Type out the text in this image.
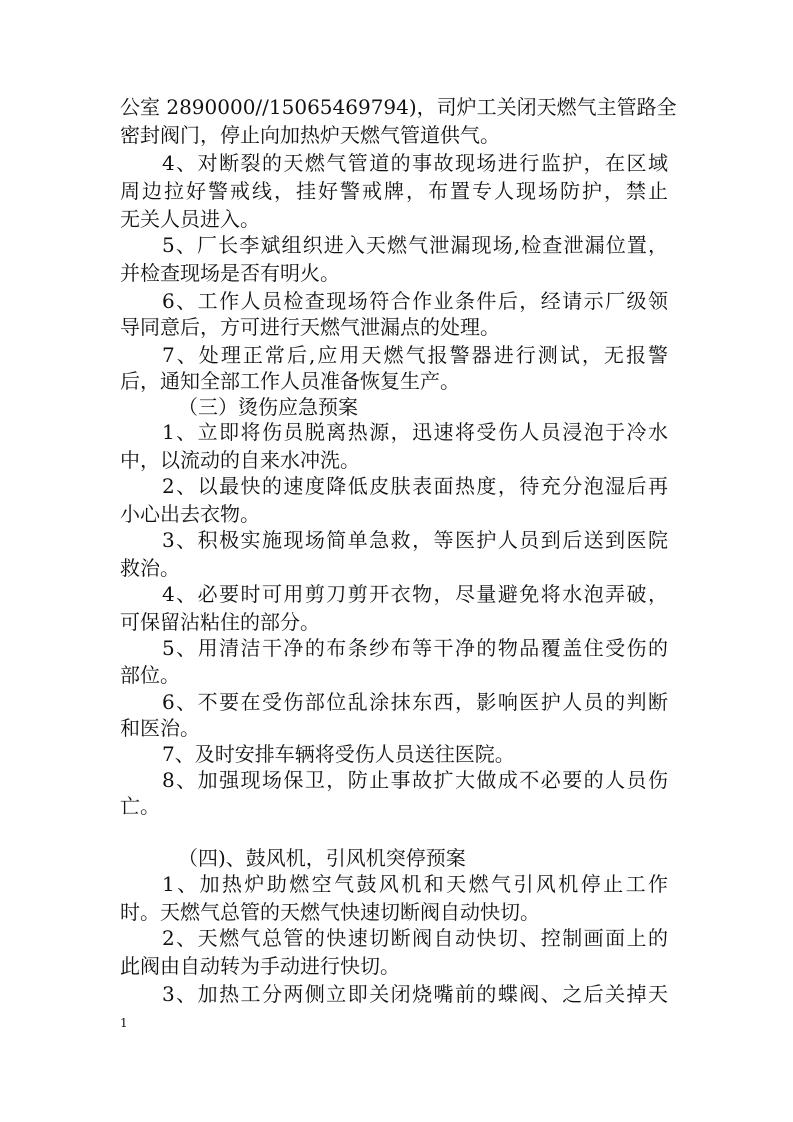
公室 2890000//15065469794)，司炉工关闭天燃气主管路全
密封阀门，停止向加热炉天燃气管道供气。
4、对断裂的天燃气管道的事故现场进行监护，在区域
周边拉好警戒线，挂好警戒牌，布置专人现场防护，禁止
无关人员进入。
5、厂长李斌组织进入天燃气泄漏现场,检查泄漏位置，
并检查现场是否有明火。
6、工作人员检查现场符合作业条件后，经请示厂级领
导同意后，方可进行天燃气泄漏点的处理。
7、处理正常后,应用天燃气报警器进行测试，无报警
后，通知全部工作人员准备恢复生产。
（三）烫伤应急预案
1、立即将伤员脱离热源，迅速将受伤人员浸泡于冷水
中，以流动的自来水冲洗。
2、以最快的速度降低皮肤表面热度，待充分泡湿后再
小心出去衣物。
3、积极实施现场简单急救，等医护人员到后送到医院
救治。
4、必要时可用剪刀剪开衣物，尽量避免将水泡弄破，
可保留沾粘住的部分。
5、用清洁干净的布条纱布等干净的物品覆盖住受伤的
部位。
6、不要在受伤部位乱涂抹东西，影响医护人员的判断
和医治。
7、及时安排车辆将受伤人员送往医院。
8、加强现场保卫，防止事故扩大做成不必要的人员伤
亡。
（四)、鼓风机，引风机突停预案
1、加热炉助燃空气鼓风机和天燃气引风机停止工作
时。天燃气总管的天燃气快速切断阀自动快切。
2、天燃气总管的快速切断阀自动快切、控制画面上的
此阀由自动转为手动进行快切。
3、加热工分两侧立即关闭烧嘴前的蝶阀、之后关掉天
1
